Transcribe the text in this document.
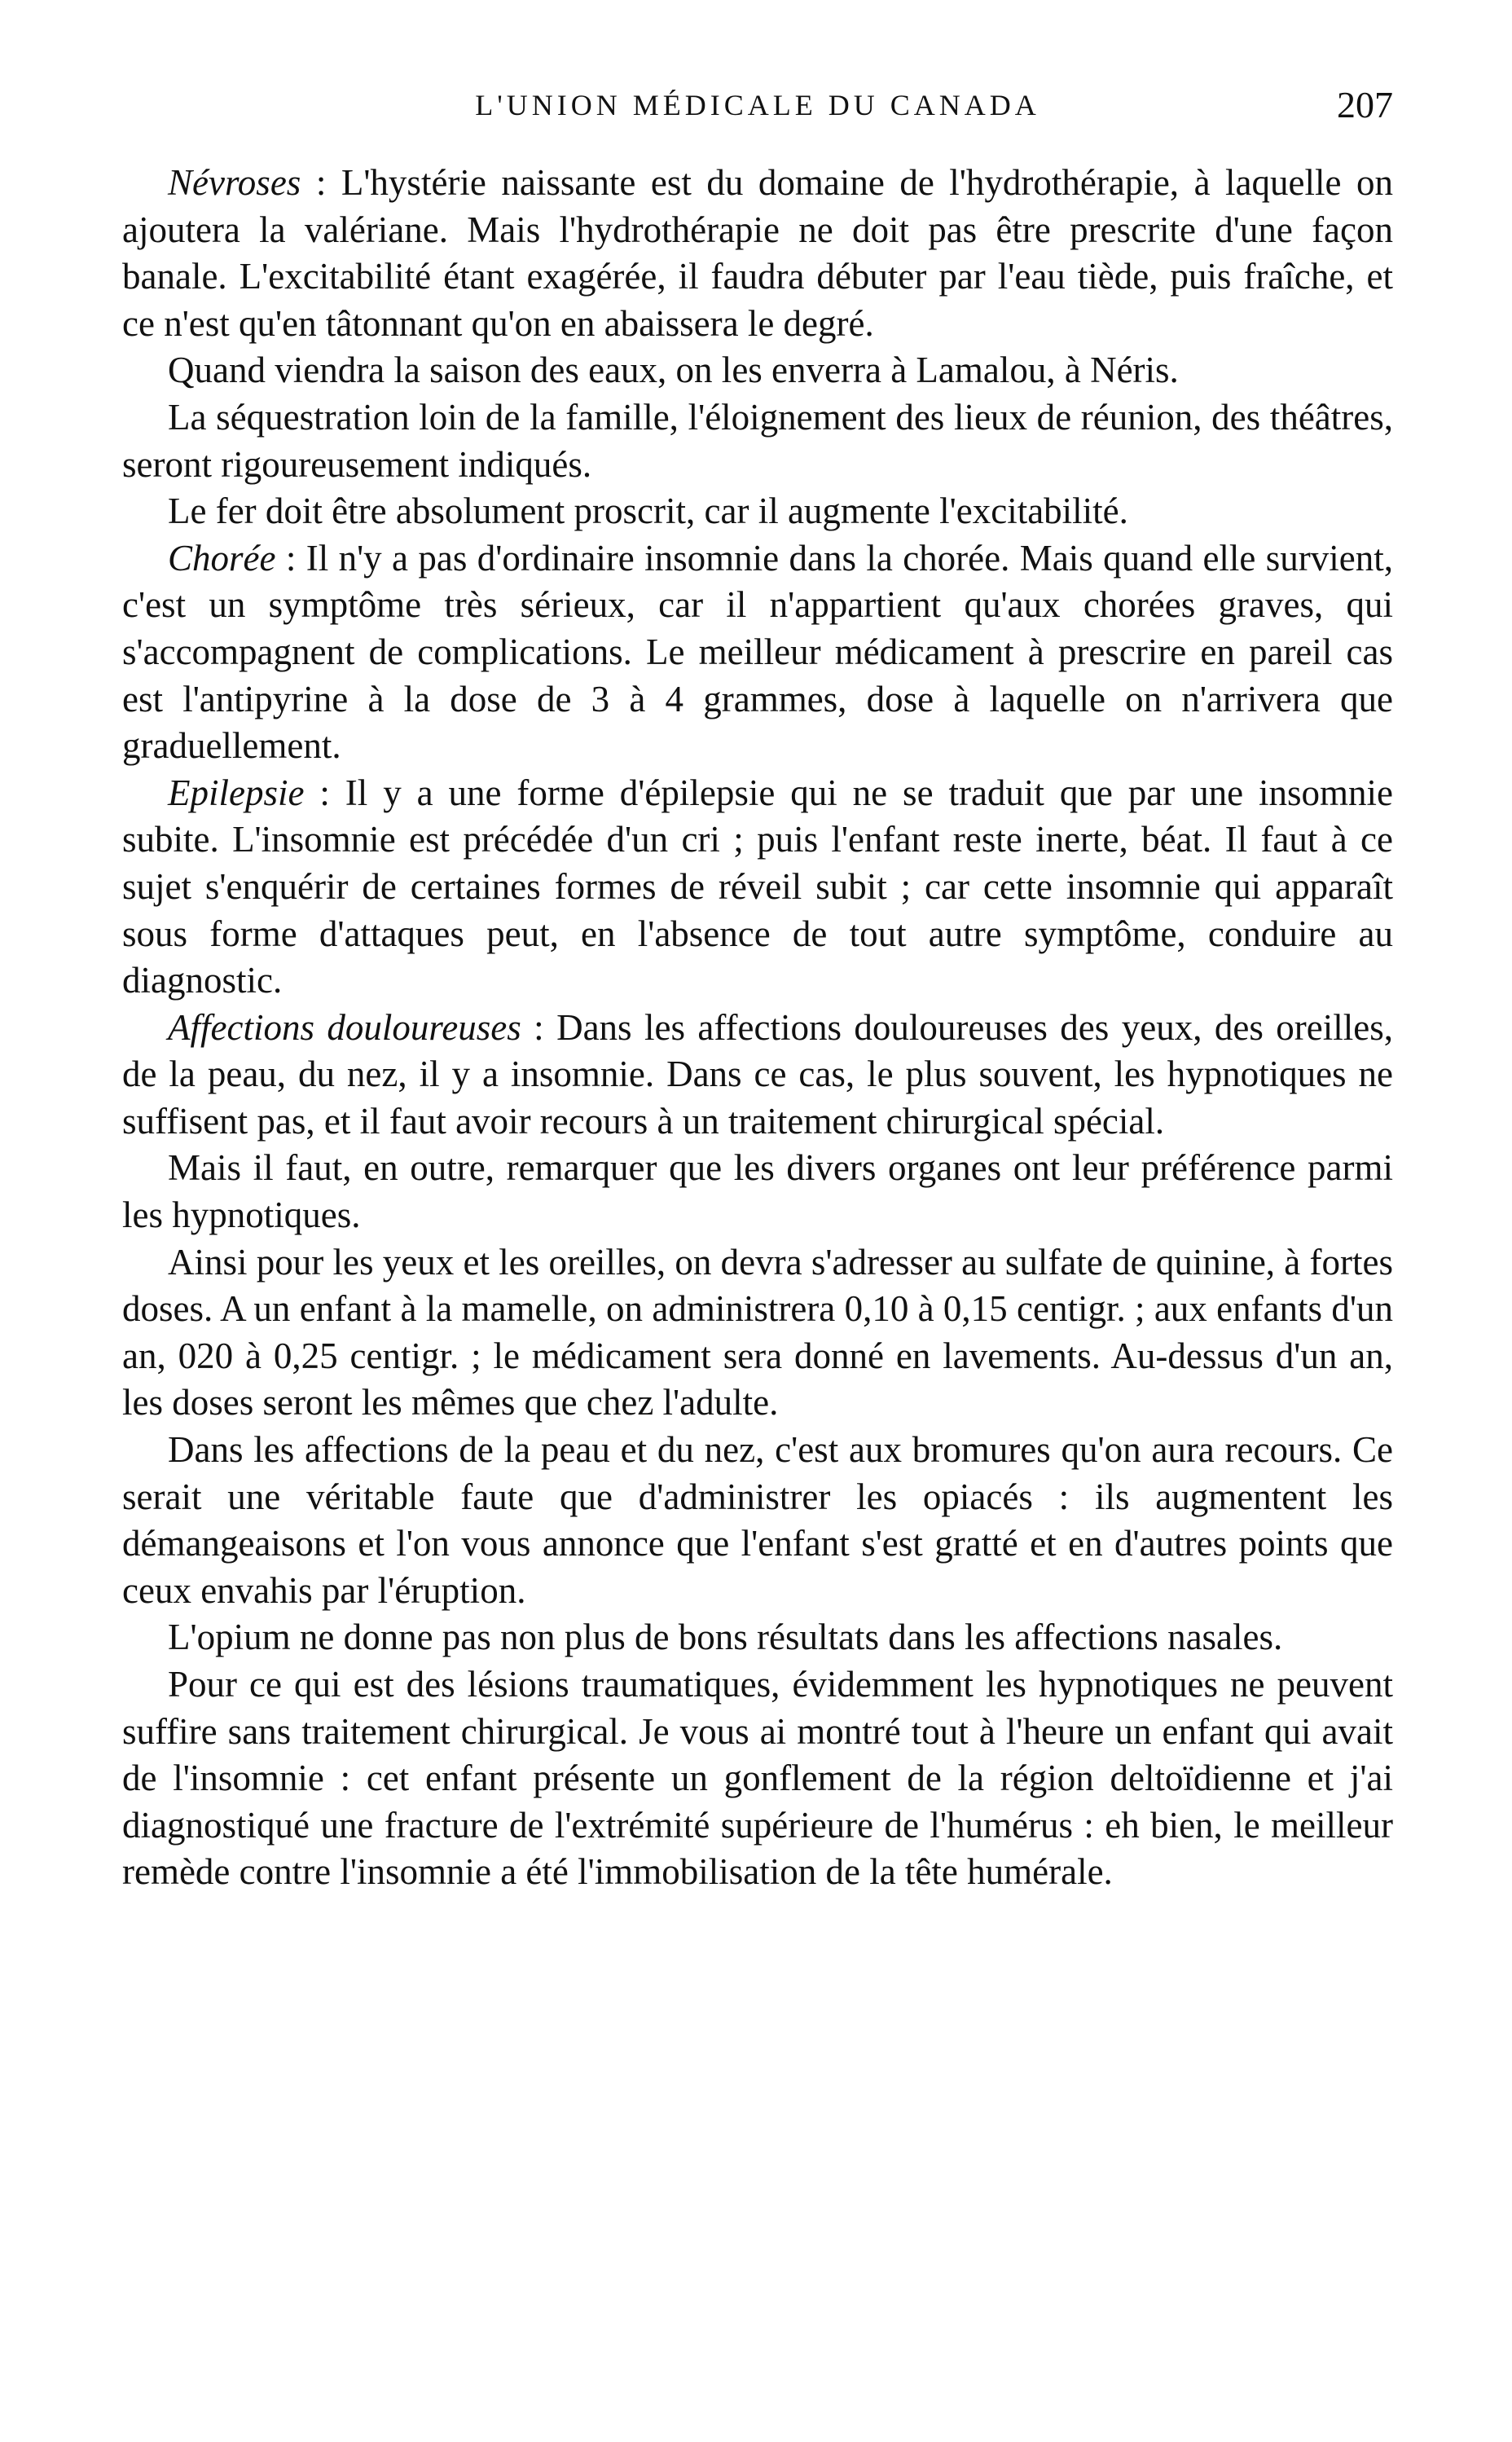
L'UNION MÉDICALE DU CANADA	207

Névroses : L'hystérie naissante est du domaine de l'hydrothérapie, à laquelle on ajoutera la valériane. Mais l'hydrothérapie ne doit pas être prescrite d'une façon banale. L'excitabilité étant exagérée, il faudra débuter par l'eau tiède, puis fraîche, et ce n'est qu'en tâtonnant qu'on en abaissera le degré.

Quand viendra la saison des eaux, on les enverra à Lamalou, à Néris.

La séquestration loin de la famille, l'éloignement des lieux de réunion, des théâtres, seront rigoureusement indiqués.

Le fer doit être absolument proscrit, car il augmente l'excitabilité.

Chorée : Il n'y a pas d'ordinaire insomnie dans la chorée. Mais quand elle survient, c'est un symptôme très sérieux, car il n'appartient qu'aux chorées graves, qui s'accompagnent de complications. Le meilleur médicament à prescrire en pareil cas est l'antipyrine à la dose de 3 à 4 grammes, dose à laquelle on n'arrivera que graduellement.

Epilepsie : Il y a une forme d'épilepsie qui ne se traduit que par une insomnie subite. L'insomnie est précédée d'un cri ; puis l'enfant reste inerte, béat. Il faut à ce sujet s'enquérir de certaines formes de réveil subit ; car cette insomnie qui apparaît sous forme d'attaques peut, en l'absence de tout autre symptôme, conduire au diagnostic.

Affections douloureuses : Dans les affections douloureuses des yeux, des oreilles, de la peau, du nez, il y a insomnie. Dans ce cas, le plus souvent, les hypnotiques ne suffisent pas, et il faut avoir recours à un traitement chirurgical spécial.

Mais il faut, en outre, remarquer que les divers organes ont leur préférence parmi les hypnotiques.

Ainsi pour les yeux et les oreilles, on devra s'adresser au sulfate de quinine, à fortes doses. A un enfant à la mamelle, on administrera 0,10 à 0,15 centigr. ; aux enfants d'un an, 020 à 0,25 centigr. ; le médicament sera donné en lavements. Au-dessus d'un an, les doses seront les mêmes que chez l'adulte.

Dans les affections de la peau et du nez, c'est aux bromures qu'on aura recours. Ce serait une véritable faute que d'administrer les opiacés : ils augmentent les démangeaisons et l'on vous annonce que l'enfant s'est gratté et en d'autres points que ceux envahis par l'éruption.

L'opium ne donne pas non plus de bons résultats dans les affections nasales.

Pour ce qui est des lésions traumatiques, évidemment les hypnotiques ne peuvent suffire sans traitement chirurgical. Je vous ai montré tout à l'heure un enfant qui avait de l'insomnie : cet enfant présente un gonflement de la région deltoïdienne et j'ai diagnostiqué une fracture de l'extrémité supérieure de l'humérus : eh bien, le meilleur remède contre l'insomnie a été l'immobilisation de la tête humérale.
